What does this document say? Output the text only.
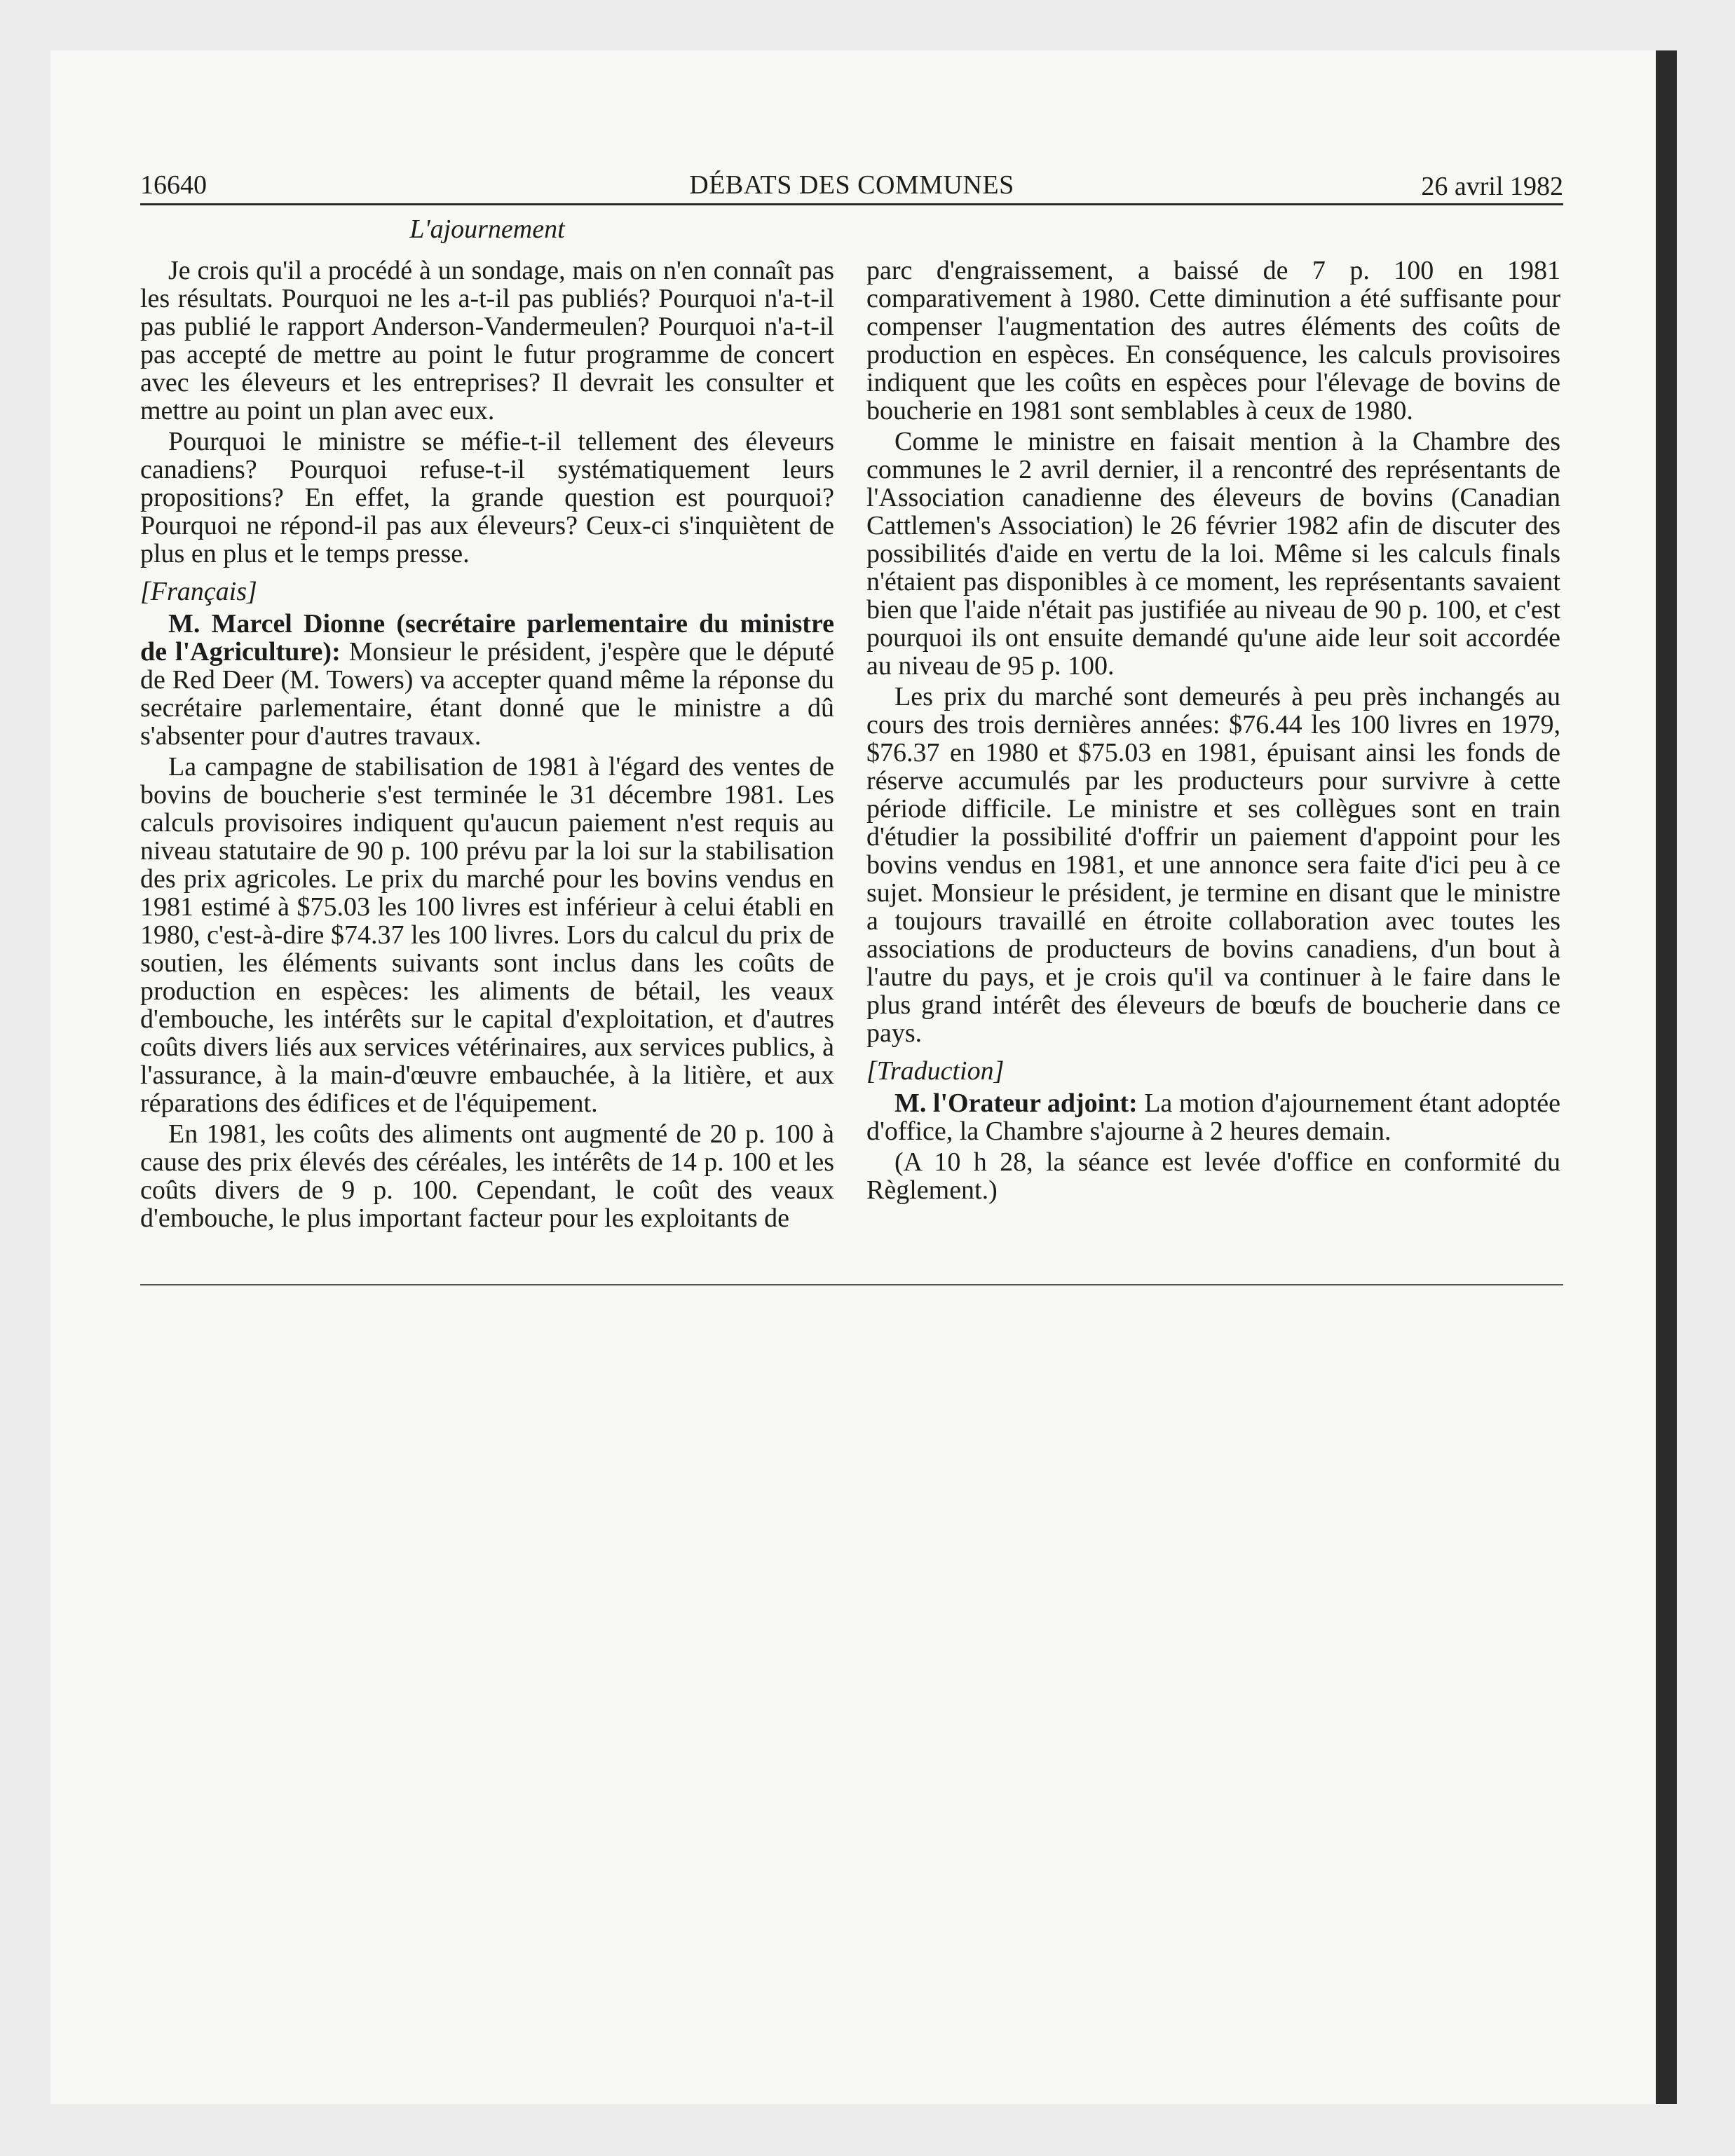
16640	DÉBATS DES COMMUNES	26 avril 1982
L'ajournement

Je crois qu'il a procédé à un sondage, mais on n'en connaît pas les résultats. Pourquoi ne les a-t-il pas publiés? Pourquoi n'a-t-il pas publié le rapport Anderson-Vandermeulen? Pourquoi n'a-t-il pas accepté de mettre au point le futur programme de concert avec les éleveurs et les entreprises? Il devrait les consulter et mettre au point un plan avec eux.

Pourquoi le ministre se méfie-t-il tellement des éleveurs canadiens? Pourquoi refuse-t-il systématiquement leurs propositions? En effet, la grande question est pourquoi? Pourquoi ne répond-il pas aux éleveurs? Ceux-ci s'inquiètent de plus en plus et le temps presse.

[Français]

M. Marcel Dionne (secrétaire parlementaire du ministre de l'Agriculture): Monsieur le président, j'espère que le député de Red Deer (M. Towers) va accepter quand même la réponse du secrétaire parlementaire, étant donné que le ministre a dû s'absenter pour d'autres travaux.

La campagne de stabilisation de 1981 à l'égard des ventes de bovins de boucherie s'est terminée le 31 décembre 1981. Les calculs provisoires indiquent qu'aucun paiement n'est requis au niveau statutaire de 90 p. 100 prévu par la loi sur la stabilisation des prix agricoles. Le prix du marché pour les bovins vendus en 1981 estimé à $75.03 les 100 livres est inférieur à celui établi en 1980, c'est-à-dire $74.37 les 100 livres. Lors du calcul du prix de soutien, les éléments suivants sont inclus dans les coûts de production en espèces: les aliments de bétail, les veaux d'embouche, les intérêts sur le capital d'exploitation, et d'autres coûts divers liés aux services vétérinaires, aux services publics, à l'assurance, à la main-d'œuvre embauchée, à la litière, et aux réparations des édifices et de l'équipement.

En 1981, les coûts des aliments ont augmenté de 20 p. 100 à cause des prix élevés des céréales, les intérêts de 14 p. 100 et les coûts divers de 9 p. 100. Cependant, le coût des veaux d'embouche, le plus important facteur pour les exploitants de

parc d'engraissement, a baissé de 7 p. 100 en 1981 comparativement à 1980. Cette diminution a été suffisante pour compenser l'augmentation des autres éléments des coûts de production en espèces. En conséquence, les calculs provisoires indiquent que les coûts en espèces pour l'élevage de bovins de boucherie en 1981 sont semblables à ceux de 1980.

Comme le ministre en faisait mention à la Chambre des communes le 2 avril dernier, il a rencontré des représentants de l'Association canadienne des éleveurs de bovins (Canadian Cattlemen's Association) le 26 février 1982 afin de discuter des possibilités d'aide en vertu de la loi. Même si les calculs finals n'étaient pas disponibles à ce moment, les représentants savaient bien que l'aide n'était pas justifiée au niveau de 90 p. 100, et c'est pourquoi ils ont ensuite demandé qu'une aide leur soit accordée au niveau de 95 p. 100.

Les prix du marché sont demeurés à peu près inchangés au cours des trois dernières années: $76.44 les 100 livres en 1979, $76.37 en 1980 et $75.03 en 1981, épuisant ainsi les fonds de réserve accumulés par les producteurs pour survivre à cette période difficile. Le ministre et ses collègues sont en train d'étudier la possibilité d'offrir un paiement d'appoint pour les bovins vendus en 1981, et une annonce sera faite d'ici peu à ce sujet. Monsieur le président, je termine en disant que le ministre a toujours travaillé en étroite collaboration avec toutes les associations de producteurs de bovins canadiens, d'un bout à l'autre du pays, et je crois qu'il va continuer à le faire dans le plus grand intérêt des éleveurs de bœufs de boucherie dans ce pays.

[Traduction]

M. l'Orateur adjoint: La motion d'ajournement étant adoptée d'office, la Chambre s'ajourne à 2 heures demain.

(A 10 h 28, la séance est levée d'office en conformité du Règlement.)
